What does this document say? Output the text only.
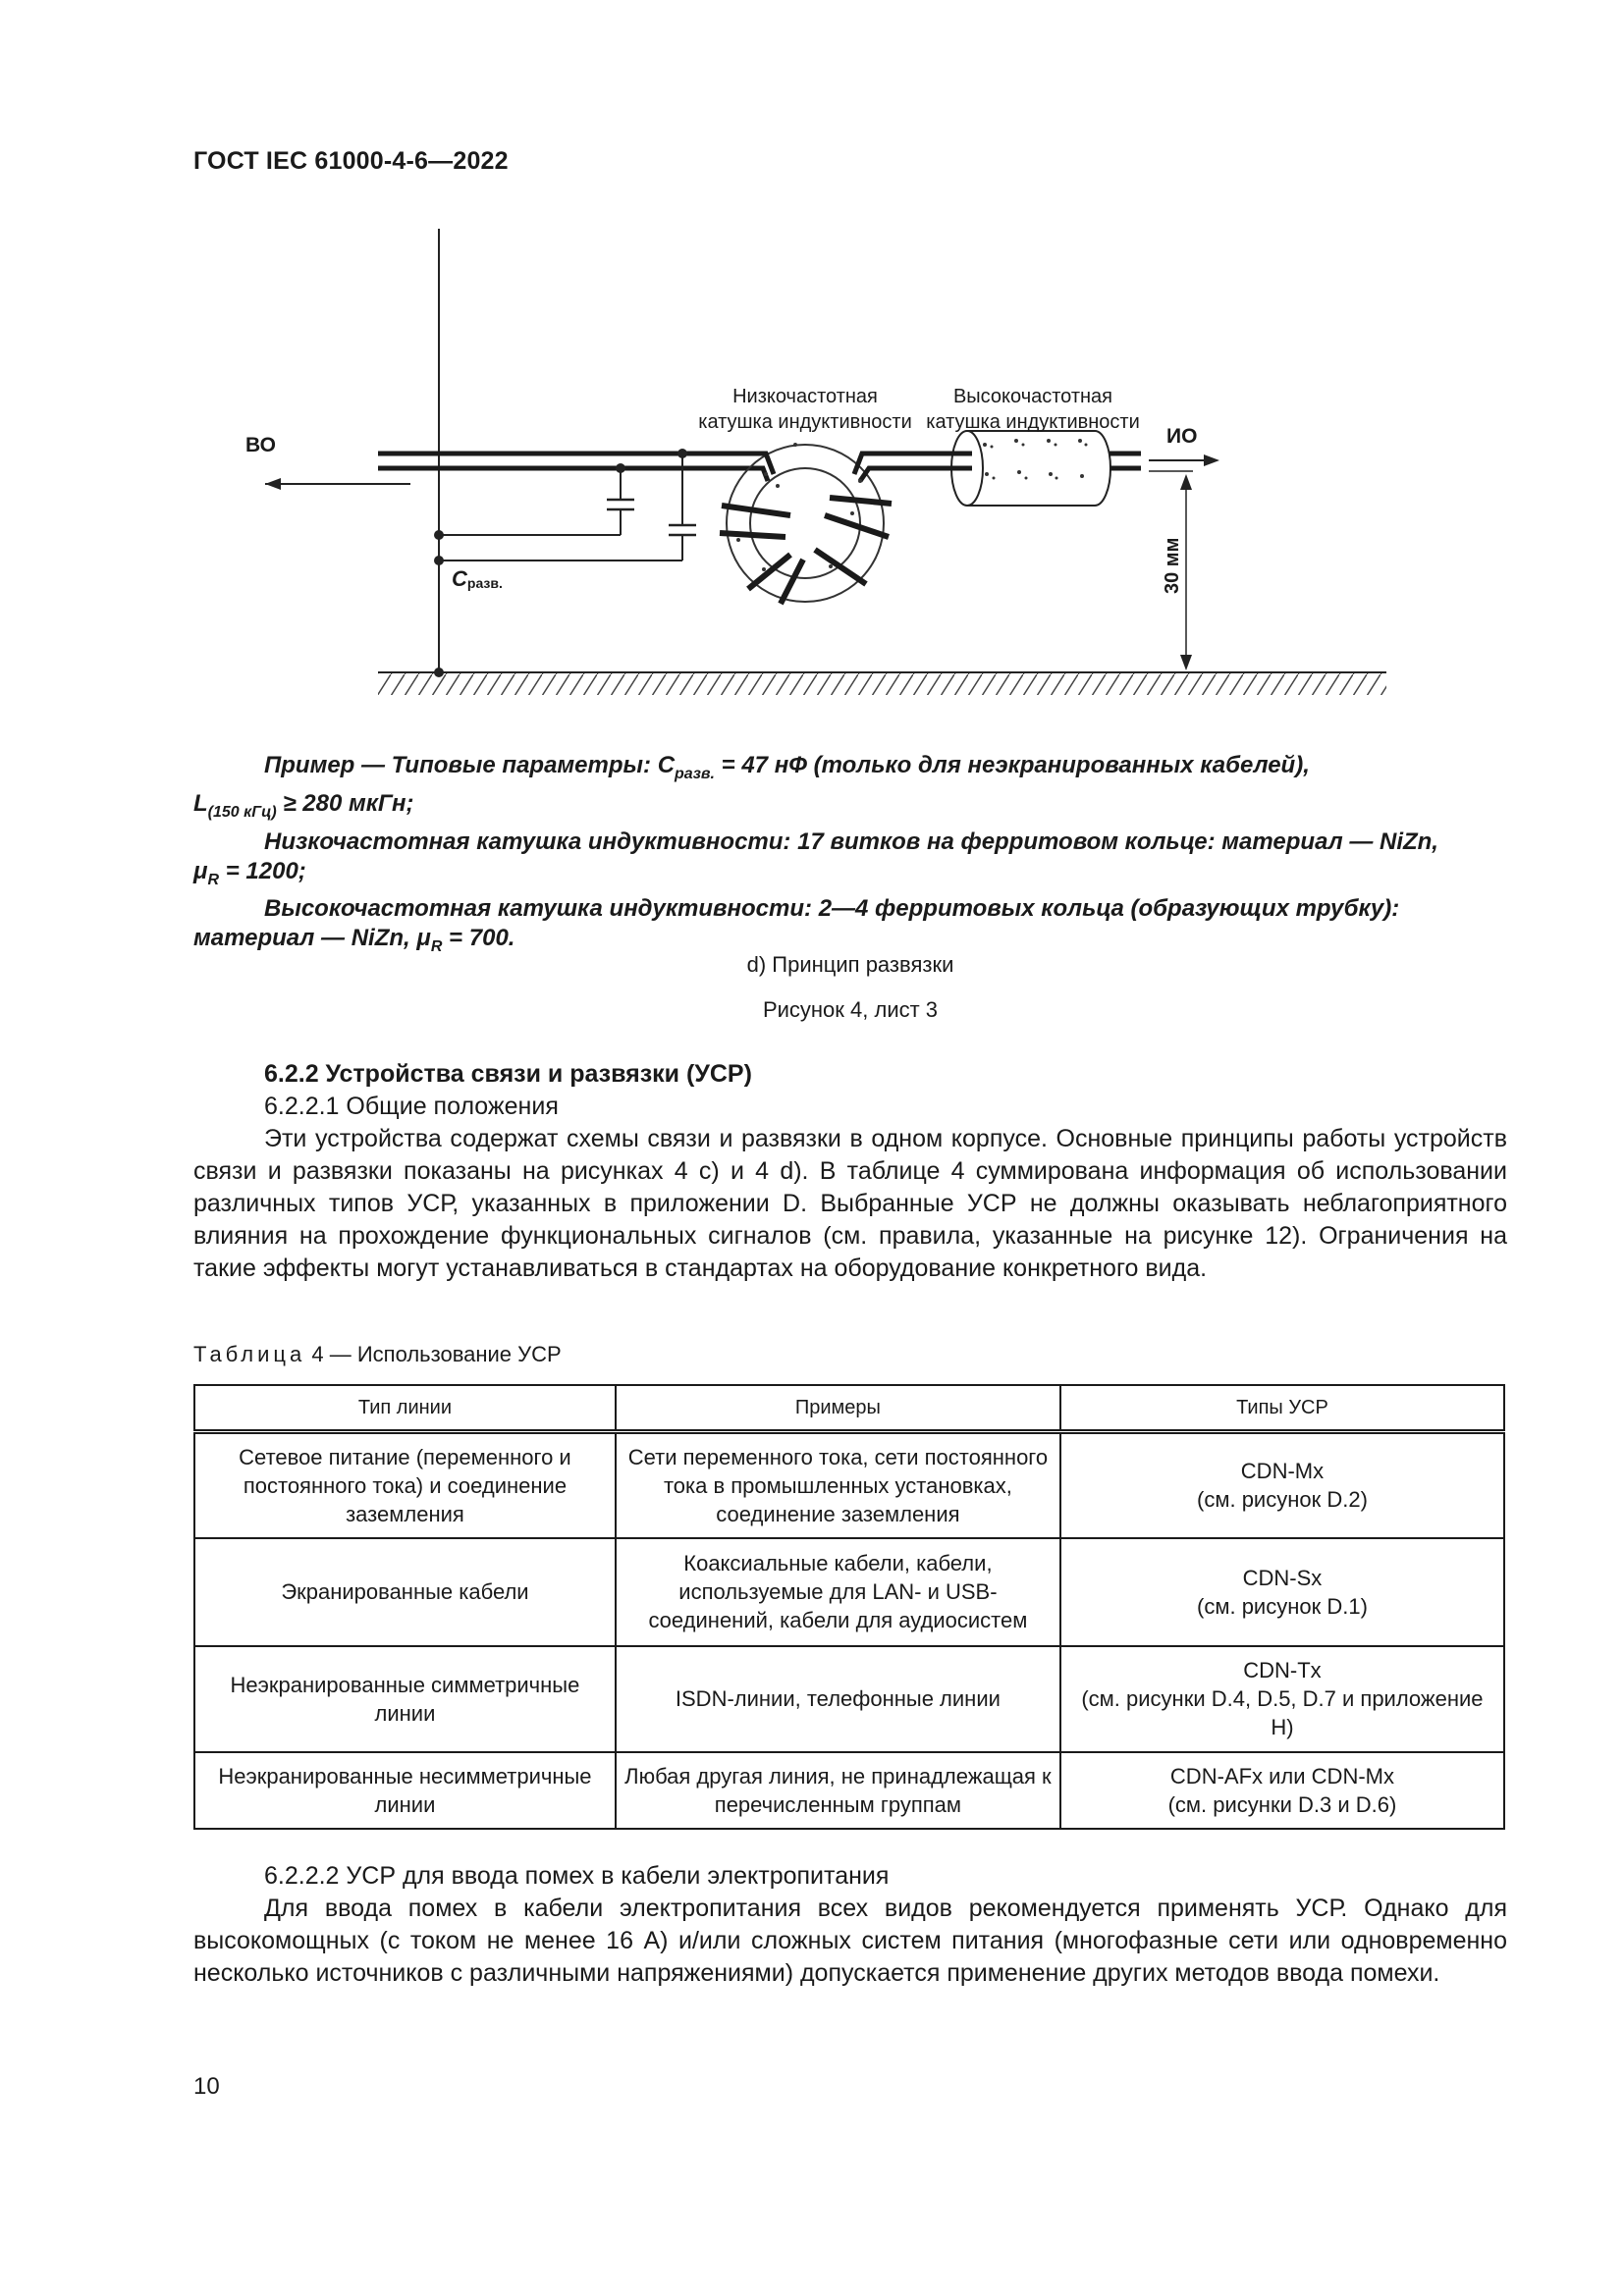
ГОСТ IEC 61000-4-6—2022
Низкочастотная
катушка индуктивности
Высокочастотная
катушка индуктивности
ВО	ИО
Cразв.	30 мм

Пример — Типовые параметры: $С_{разв.} = 47$ нФ (только для неэкранированных кабелей),

$L_{(150 кГц)} \ge 280$ мкГн;

Низкочастотная катушка индуктивности: 17 витков на ферритовом кольце: материал — NiZn,

$\mu_R = 1200$;

Высокочастотная катушка индуктивности: 2—4 ферритовых кольца (образующих трубку):

материал — NiZn, $\mu_R = 700$.

d) Принцип развязки
Рисунок 4, лист 3

6.2.2 Устройства связи и развязки (УСР)

6.2.2.1 Общие положения

Эти устройства содержат схемы связи и развязки в одном корпусе. Основные принципы работы устройств связи и развязки показаны на рисунках 4 c) и 4 d). В таблице 4 суммирована информация об использовании различных типов УСР, указанных в приложении D. Выбранные УСР не должны оказывать неблагоприятного влияния на прохождение функциональных сигналов (см. правила, указанные на рисунке 12). Ограничения на такие эффекты могут устанавливаться в стандартах на оборудование конкретного вида.

Таблица 4 — Использование УСР
Тип линии	Примеры	Типы УСР
Сетевое питание (переменного и постоянного тока) и соединение заземления	Сети переменного тока, сети постоянного тока в промышленных установках, соединение заземления	CDN-Mx
(см. рисунок D.2)
Экранированные кабели	Коаксиальные кабели, кабели, используемые для LAN- и USB-соединений, кабели для аудиосистем	CDN-Sx
(см. рисунок D.1)
Неэкранированные симметричные линии	ISDN-линии, телефонные линии	CDN-Tx
(см. рисунки D.4, D.5, D.7 и приложение H)
Неэкранированные несимметричные линии	Любая другая линия, не принадлежащая к перечисленным группам	CDN-AFx или CDN-Mx
(см. рисунки D.3 и D.6)

6.2.2.2 УСР для ввода помех в кабели электропитания

Для ввода помех в кабели электропитания всех видов рекомендуется применять УСР. Однако для высокомощных (с током не менее 16 А) и/или сложных систем питания (многофазные сети или одновременно несколько источников с различными напряжениями) допускается применение других методов ввода помехи.

10
